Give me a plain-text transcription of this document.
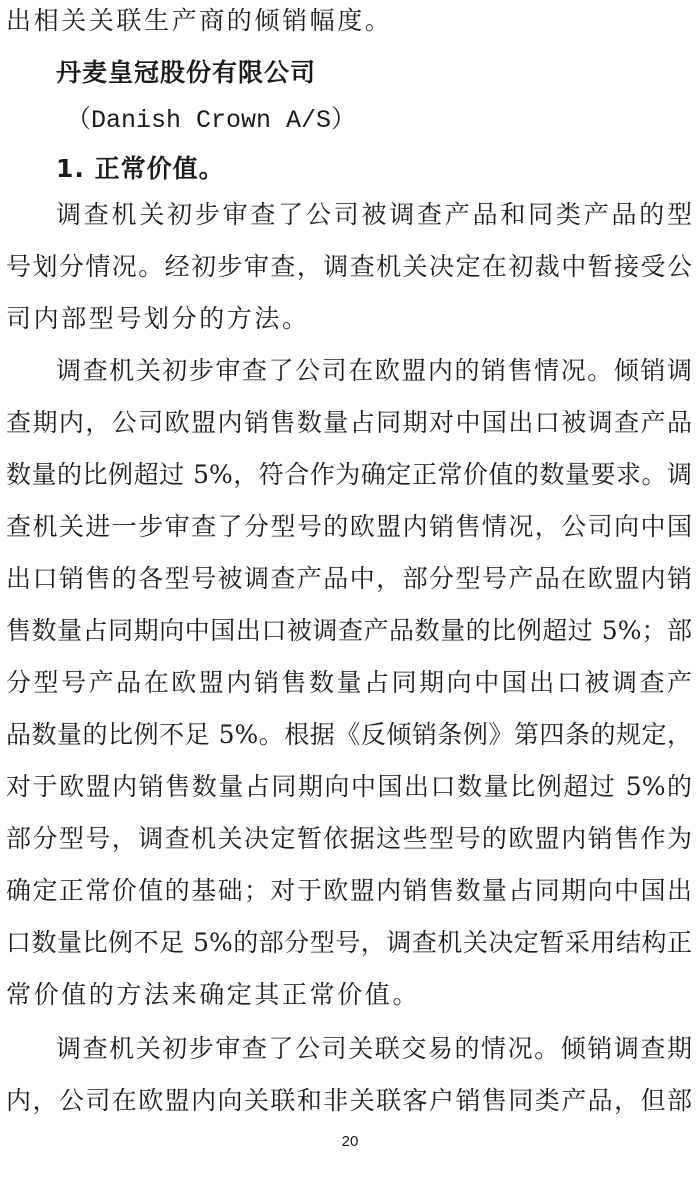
出相关关联生产商的倾销幅度。
丹麦皇冠股份有限公司
（Danish Crown A/S）
1. 正常价值。
调查机关初步审查了公司被调查产品和同类产品的型
号划分情况。经初步审查，调查机关决定在初裁中暂接受公
司内部型号划分的方法。
调查机关初步审查了公司在欧盟内的销售情况。倾销调
查期内，公司欧盟内销售数量占同期对中国出口被调查产品
数量的比例超过 5%，符合作为确定正常价值的数量要求。调
查机关进一步审查了分型号的欧盟内销售情况，公司向中国
出口销售的各型号被调查产品中，部分型号产品在欧盟内销
售数量占同期向中国出口被调查产品数量的比例超过 5%；部
分型号产品在欧盟内销售数量占同期向中国出口被调查产
品数量的比例不足 5%。根据《反倾销条例》第四条的规定，
对于欧盟内销售数量占同期向中国出口数量比例超过 5%的
部分型号，调查机关决定暂依据这些型号的欧盟内销售作为
确定正常价值的基础；对于欧盟内销售数量占同期向中国出
口数量比例不足 5%的部分型号，调查机关决定暂采用结构正
常价值的方法来确定其正常价值。
调查机关初步审查了公司关联交易的情况。倾销调查期
内，公司在欧盟内向关联和非关联客户销售同类产品，但部
20
